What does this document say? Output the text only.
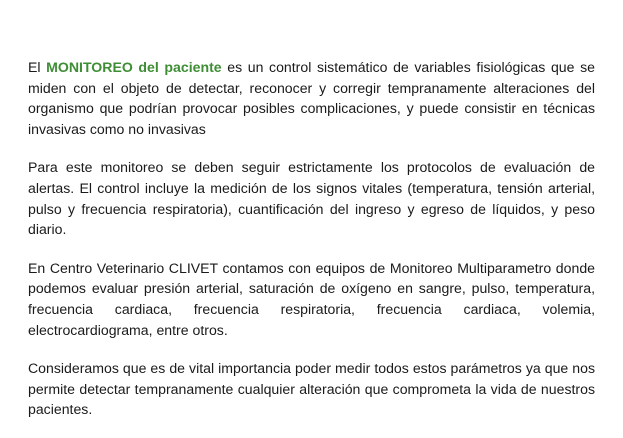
El MONITOREO del paciente es un control sistemático de variables fisiológicas que se miden con el objeto de detectar, reconocer y corregir tempranamente alteraciones del organismo que podrían provocar posibles complicaciones, y puede consistir en técnicas invasivas como no invasivas

Para este monitoreo se deben seguir estrictamente los protocolos de evaluación de alertas. El control incluye la medición de los signos vitales (temperatura, tensión arterial, pulso y frecuencia respiratoria), cuantificación del ingreso y egreso de líquidos, y peso diario.

En Centro Veterinario CLIVET contamos con equipos de Monitoreo Multiparametro donde podemos evaluar presión arterial, saturación de oxígeno en sangre, pulso, temperatura, frecuencia cardiaca, frecuencia respiratoria, frecuencia cardiaca, volemia, electrocardiograma, entre otros.

Consideramos que es de vital importancia poder medir todos estos parámetros ya que nos permite detectar tempranamente cualquier alteración que comprometa la vida de nuestros pacientes.
